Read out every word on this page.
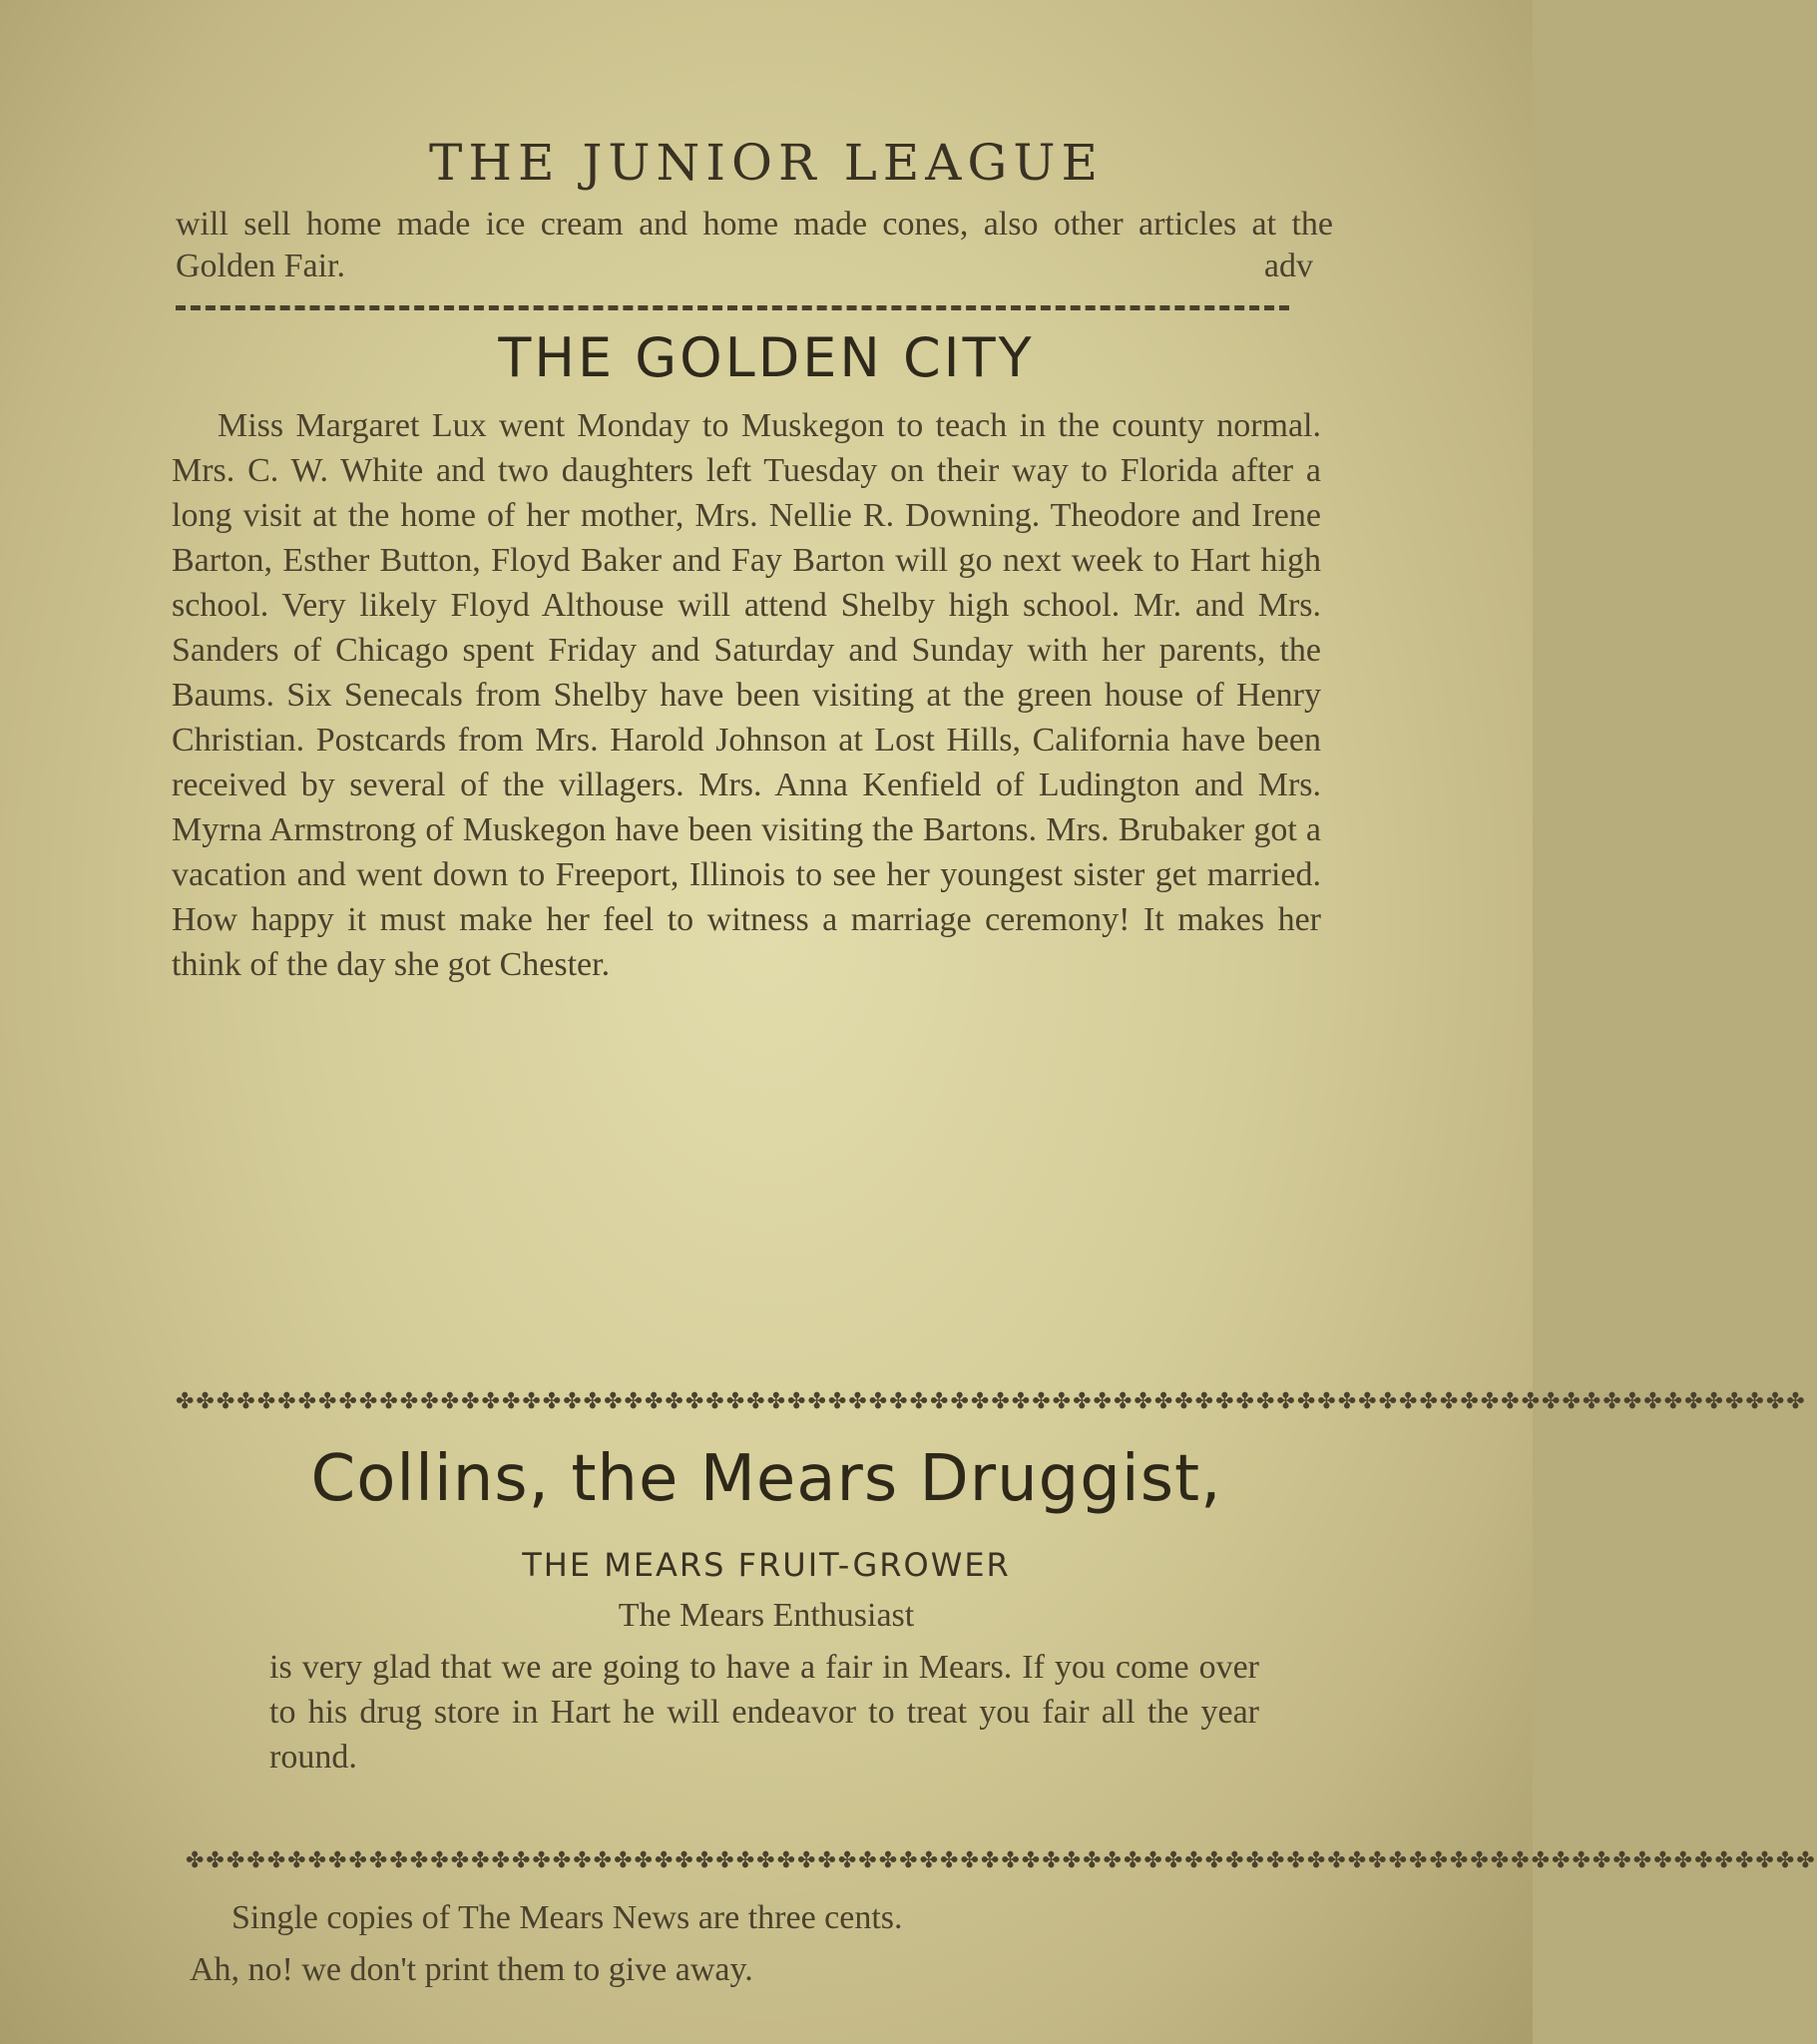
THE JUNIOR LEAGUE
will sell home made ice cream and home made cones, also other articles at the Golden Fair.	adv
THE GOLDEN CITY
Miss Margaret Lux went Monday to Muskegon to teach in the county normal. Mrs. C. W. White and two daughters left Tuesday on their way to Florida after a long visit at the home of her mother, Mrs. Nellie R. Downing. Theodore and Irene Barton, Esther Button, Floyd Baker and Fay Barton will go next week to Hart high school. Very likely Floyd Althouse will attend Shelby high school. Mr. and Mrs. Sanders of Chicago spent Friday and Saturday and Sunday with her parents, the Baums. Six Senecals from Shelby have been visiting at the green house of Henry Christian. Postcards from Mrs. Harold Johnson at Lost Hills, California have been received by several of the villagers. Mrs. Anna Kenfield of Ludington and Mrs. Myrna Armstrong of Muskegon have been visiting the Bartons. Mrs. Brubaker got a vacation and went down to Freeport, Illinois to see her youngest sister get married. How happy it must make her feel to witness a marriage ceremony! It makes her think of the day she got Chester.
✤✤✤✤✤✤✤✤✤✤✤✤✤✤✤✤✤✤✤✤✤✤✤✤✤✤✤✤✤✤✤✤✤✤✤✤✤✤✤✤✤✤✤✤✤✤✤✤✤✤✤✤✤✤✤✤✤✤✤✤✤✤✤✤✤✤✤✤✤✤✤✤✤✤✤✤✤✤✤✤
Collins, the Mears Druggist,
THE MEARS FRUIT-GROWER
The Mears Enthusiast
is very glad that we are going to have a fair in Mears. If you come over to his drug store in Hart he will endeavor to treat you fair all the year round.
✤✤✤✤✤✤✤✤✤✤✤✤✤✤✤✤✤✤✤✤✤✤✤✤✤✤✤✤✤✤✤✤✤✤✤✤✤✤✤✤✤✤✤✤✤✤✤✤✤✤✤✤✤✤✤✤✤✤✤✤✤✤✤✤✤✤✤✤✤✤✤✤✤✤✤✤✤✤✤✤
Single copies of The Mears News are three cents.
Ah, no! we don't print them to give away.
